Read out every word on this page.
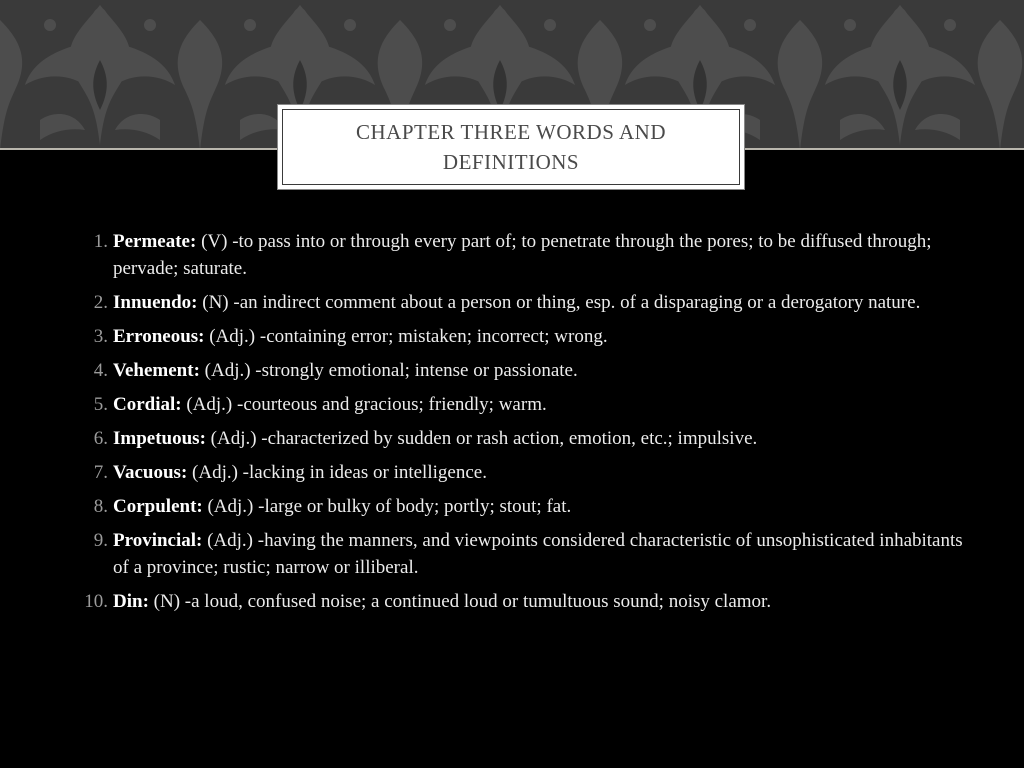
CHAPTER THREE WORDS AND DEFINITIONS
1. Permeate: (V) -to pass into or through every part of; to penetrate through the pores; to be diffused through; pervade; saturate.
2. Innuendo: (N) -an indirect comment about a person or thing, esp. of a disparaging or a derogatory nature.
3. Erroneous: (Adj.) -containing error; mistaken; incorrect; wrong.
4. Vehement: (Adj.) -strongly emotional; intense or passionate.
5. Cordial: (Adj.) -courteous and gracious; friendly; warm.
6. Impetuous: (Adj.) -characterized by sudden or rash action, emotion, etc.; impulsive.
7. Vacuous: (Adj.) -lacking in ideas or intelligence.
8. Corpulent: (Adj.) -large or bulky of body; portly; stout; fat.
9. Provincial: (Adj.) -having the manners, and viewpoints considered characteristic of unsophisticated inhabitants of a province; rustic; narrow or illiberal.
10. Din: (N) -a loud, confused noise; a continued loud or tumultuous sound; noisy clamor.
